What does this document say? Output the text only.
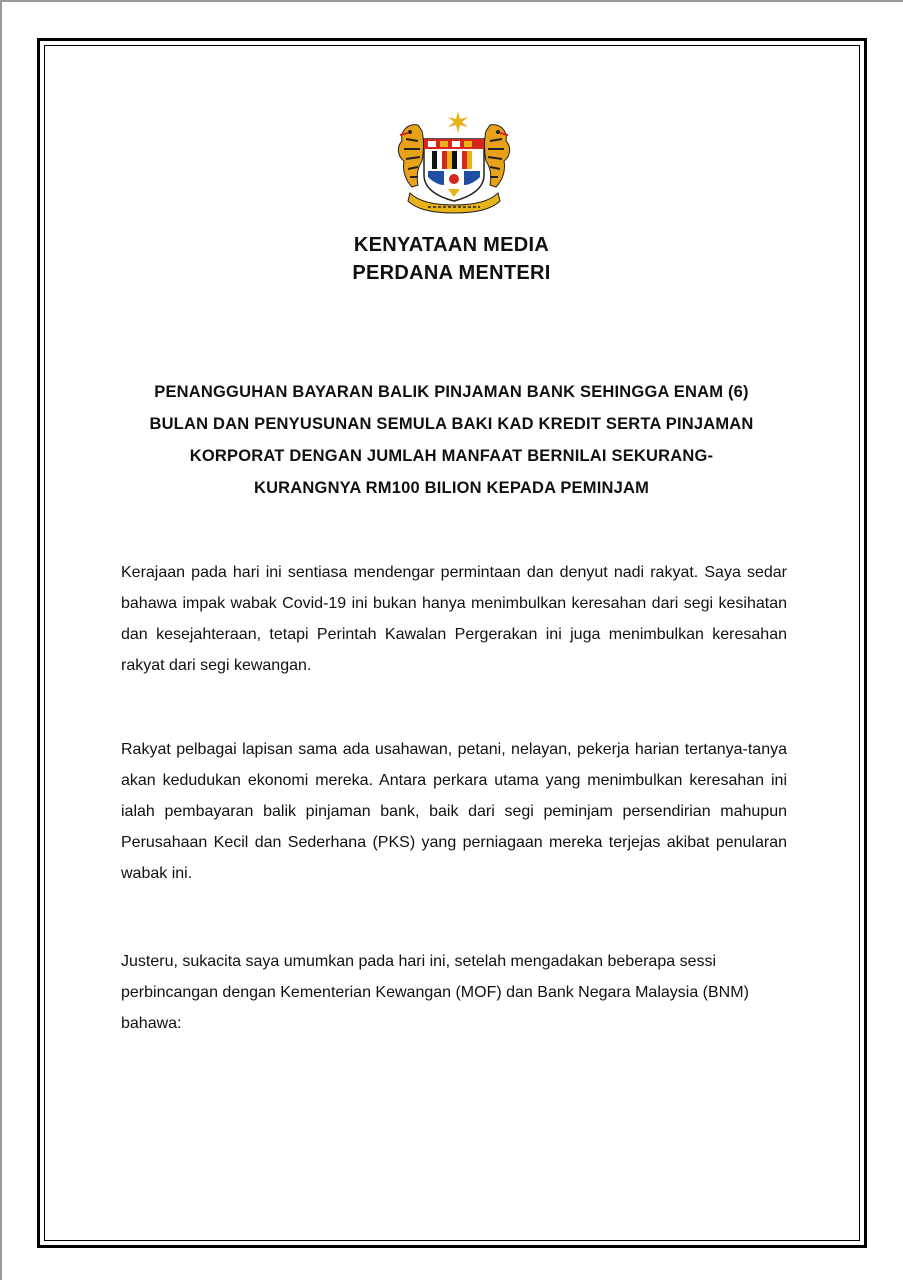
KENYATAAN MEDIA
PERDANA MENTERI
PENANGGUHAN BAYARAN BALIK PINJAMAN BANK SEHINGGA ENAM (6)
BULAN DAN PENYUSUNAN SEMULA BAKI KAD KREDIT SERTA PINJAMAN
KORPORAT DENGAN JUMLAH MANFAAT BERNILAI SEKURANG-
KURANGNYA RM100 BILION KEPADA PEMINJAM

Kerajaan pada hari ini sentiasa mendengar permintaan dan denyut nadi rakyat. Saya sedar bahawa impak wabak Covid-19 ini bukan hanya menimbulkan keresahan dari segi kesihatan dan kesejahteraan, tetapi Perintah Kawalan Pergerakan ini juga menimbulkan keresahan rakyat dari segi kewangan.

Rakyat pelbagai lapisan sama ada usahawan, petani, nelayan, pekerja harian tertanya-tanya akan kedudukan ekonomi mereka. Antara perkara utama yang menimbulkan keresahan ini ialah pembayaran balik pinjaman bank, baik dari segi peminjam persendirian mahupun Perusahaan Kecil dan Sederhana (PKS) yang perniagaan mereka terjejas akibat penularan wabak ini.

Justeru, sukacita saya umumkan pada hari ini, setelah mengadakan beberapa sessi perbincangan dengan Kementerian Kewangan (MOF) dan Bank Negara Malaysia (BNM) bahawa:
